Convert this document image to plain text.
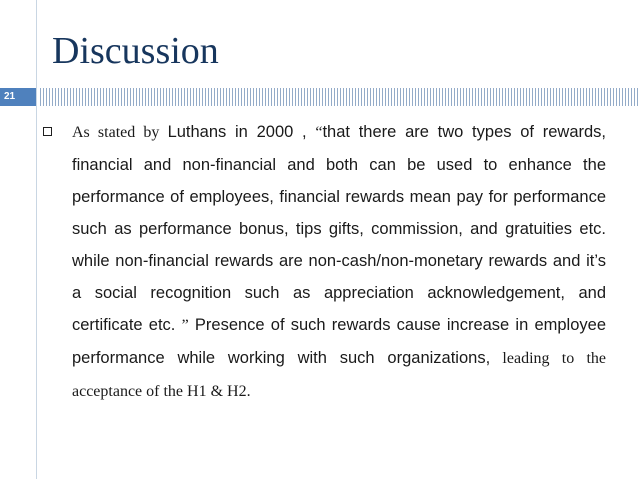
Discussion
21

As stated by Luthans in 2000 , “that there are two types of rewards, financial and non-financial and both can be used to enhance the performance of employees, financial rewards mean pay for performance such as performance bonus, tips gifts, commission, and gratuities etc. while non-financial rewards are non-cash/non-monetary rewards and it’s a social recognition such as appreciation acknowledgement, and certificate etc. ” Presence of such rewards cause increase in employee performance while working with such organizations, leading to the acceptance of the H1 & H2.
